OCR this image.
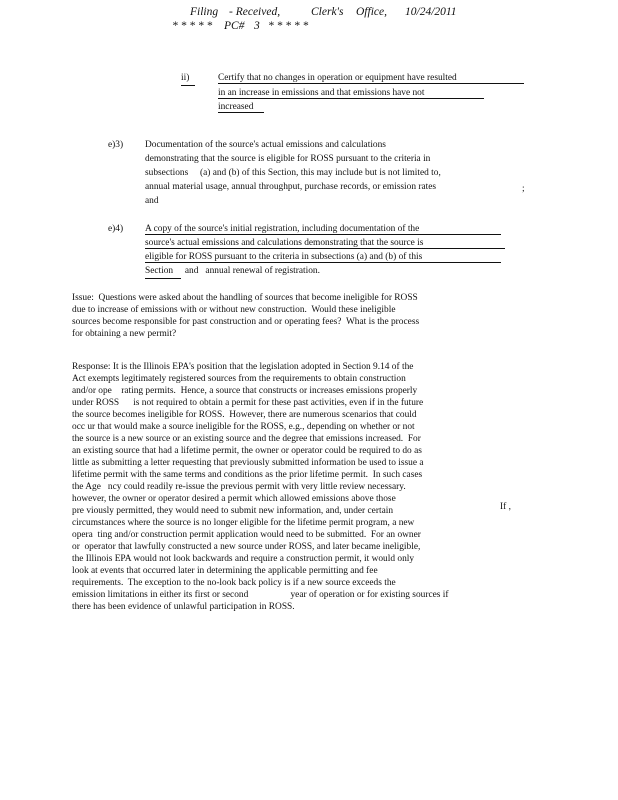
Filing - Received,	Clerk's Office, 10/24/2011
* * * * * PC# 3 * * * * *
ii)	Certify that no changes in operation or equipment have resulted
in an increase in emissions and that emissions have not
increased
e)3) Documentation of the source's actual emissions and calculations
demonstrating that the source is eligible for ROSS pursuant to the criteria in
subsections     (a) and (b) of this Section, this may include but is not limited to,
annual material usage, annual throughput, purchase records, or emission rates
and
;
e)4) A copy of the source's initial registration, including documentation of the
source's actual emissions and calculations demonstrating that the source is
eligible for ROSS pursuant to the criteria in subsections (a) and (b) of this
Section     and   annual renewal of registration.
Issue:  Questions were asked about the handling of sources that become ineligible for ROSS
due to increase of emissions with or without new construction.  Would these ineligible
sources become responsible for past construction and or operating fees?  What is the process
for obtaining a new permit?
Response: It is the Illinois EPA's position that the legislation adopted in Section 9.14 of the
Act exempts legitimately registered sources from the requirements to obtain construction
and/or ope    rating permits.  Hence, a source that constructs or increases emissions properly
under ROSS      is not required to obtain a permit for these past activities, even if in the future
the source becomes ineligible for ROSS.  However, there are numerous scenarios that could
occ ur that would make a source ineligible for the ROSS, e.g., depending on whether or not
the source is a new source or an existing source and the degree that emissions increased.  For
an existing source that had a lifetime permit, the owner or operator could be required to do as
little as submitting a letter requesting that previously submitted information be used to issue a
lifetime permit with the same terms and conditions as the prior lifetime permit.  In such cases
the Age   ncy could readily re-issue the previous permit with very little review necessary.
however, the owner or operator desired a permit which allowed emissions above those
pre viously permitted, they would need to submit new information, and, under certain
circumstances where the source is no longer eligible for the lifetime permit program, a new
opera  ting and/or construction permit application would need to be submitted.  For an owner
or  operator that lawfully constructed a new source under ROSS, and later became ineligible,
the Illinois EPA would not look backwards and require a construction permit, it would only
look at events that occurred later in determining the applicable permitting and fee
requirements.  The exception to the no-look back policy is if a new source exceeds the
emission limitations in either its first or second                  year of operation or for existing sources if
there has been evidence of unlawful participation in ROSS.
If ,
